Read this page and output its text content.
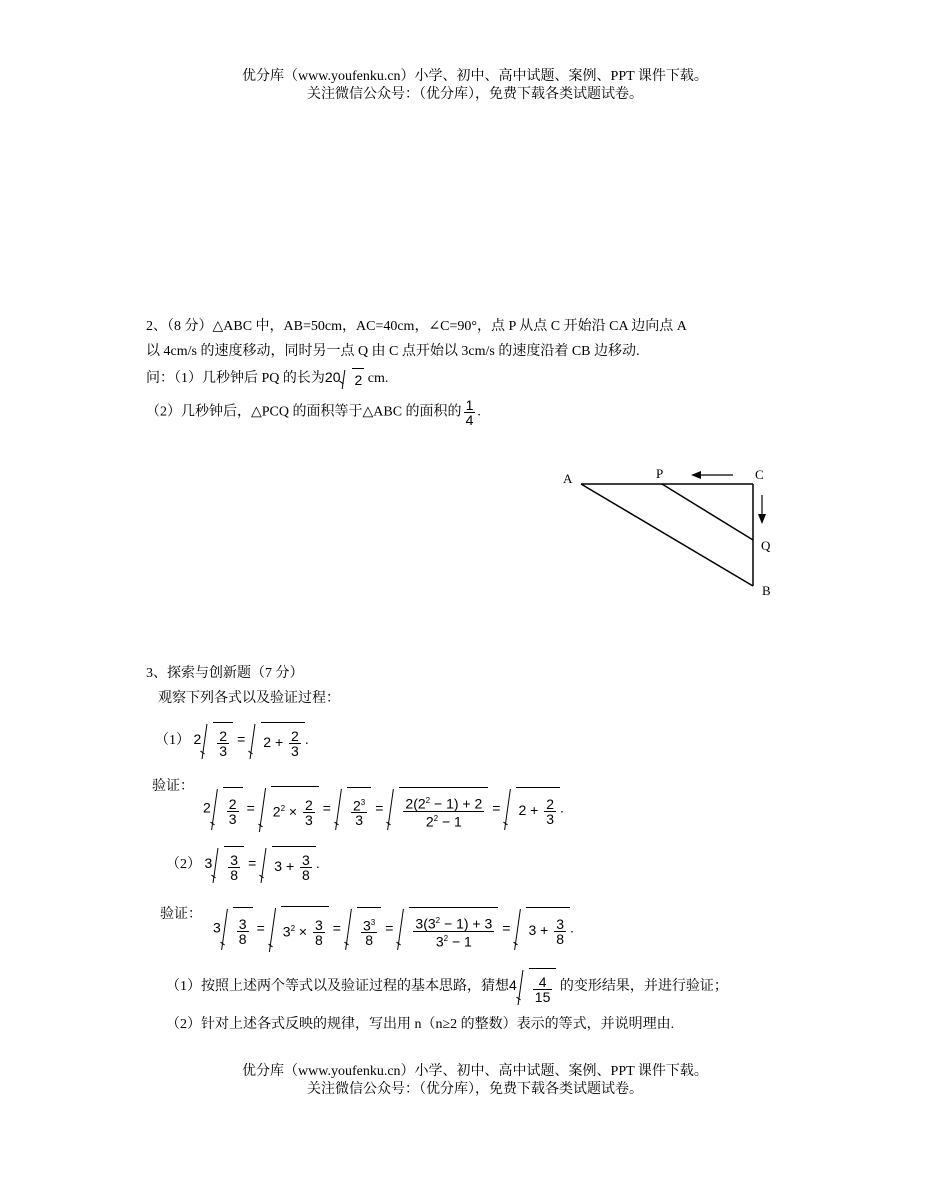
优分库（www.youfenku.cn）小学、初中、高中试题、案例、PPT 课件下载。
关注微信公众号：（优分库），免费下载各类试题试卷。
2、（8 分）△ABC 中，AB=50cm，AC=40cm，∠C=90°，点 P 从点 C 开始沿 CA 边向点 A
以 4cm/s 的速度移动，同时另一点 Q 由 C 点开始以 3cm/s 的速度沿着 CB 边移动.
问：（1）几秒钟后 PQ 的长为20 2 cm.
（2）几秒钟后，△PCQ 的面积等于△ABC 的面积的 $\frac{1}{4}$ .
A	P	C
Q
B
3、探索与创新题（7 分）
观察下列各式以及验证过程：
（1） $2 \frac{2}{3} = 2 + \frac{2}{3}$ .
验证：
$2 \frac{2}{3} = 2^2 \times \frac{2}{3} = \frac{2^3}{3} = \frac{2(2^2 - 1) + 2}{2^2 - 1} = 2 + \frac{2}{3}$ .
（2） $3 \frac{3}{8} = 3 + \frac{3}{8}$ .
验证：
$3 \frac{3}{8} = 3^2 \times \frac{3}{8} = \frac{3^3}{8} = \frac{3(3^2 - 1) + 3}{3^2 - 1} = 3 + \frac{3}{8}$ .
（1）按照上述两个等式以及验证过程的基本思路，猜想$4 \frac{4}{15}$ 的变形结果，并进行验证；
（2）针对上述各式反映的规律，写出用 n（n≥2 的整数）表示的等式，并说明理由.
优分库（www.youfenku.cn）小学、初中、高中试题、案例、PPT 课件下载。
关注微信公众号：（优分库），免费下载各类试题试卷。
